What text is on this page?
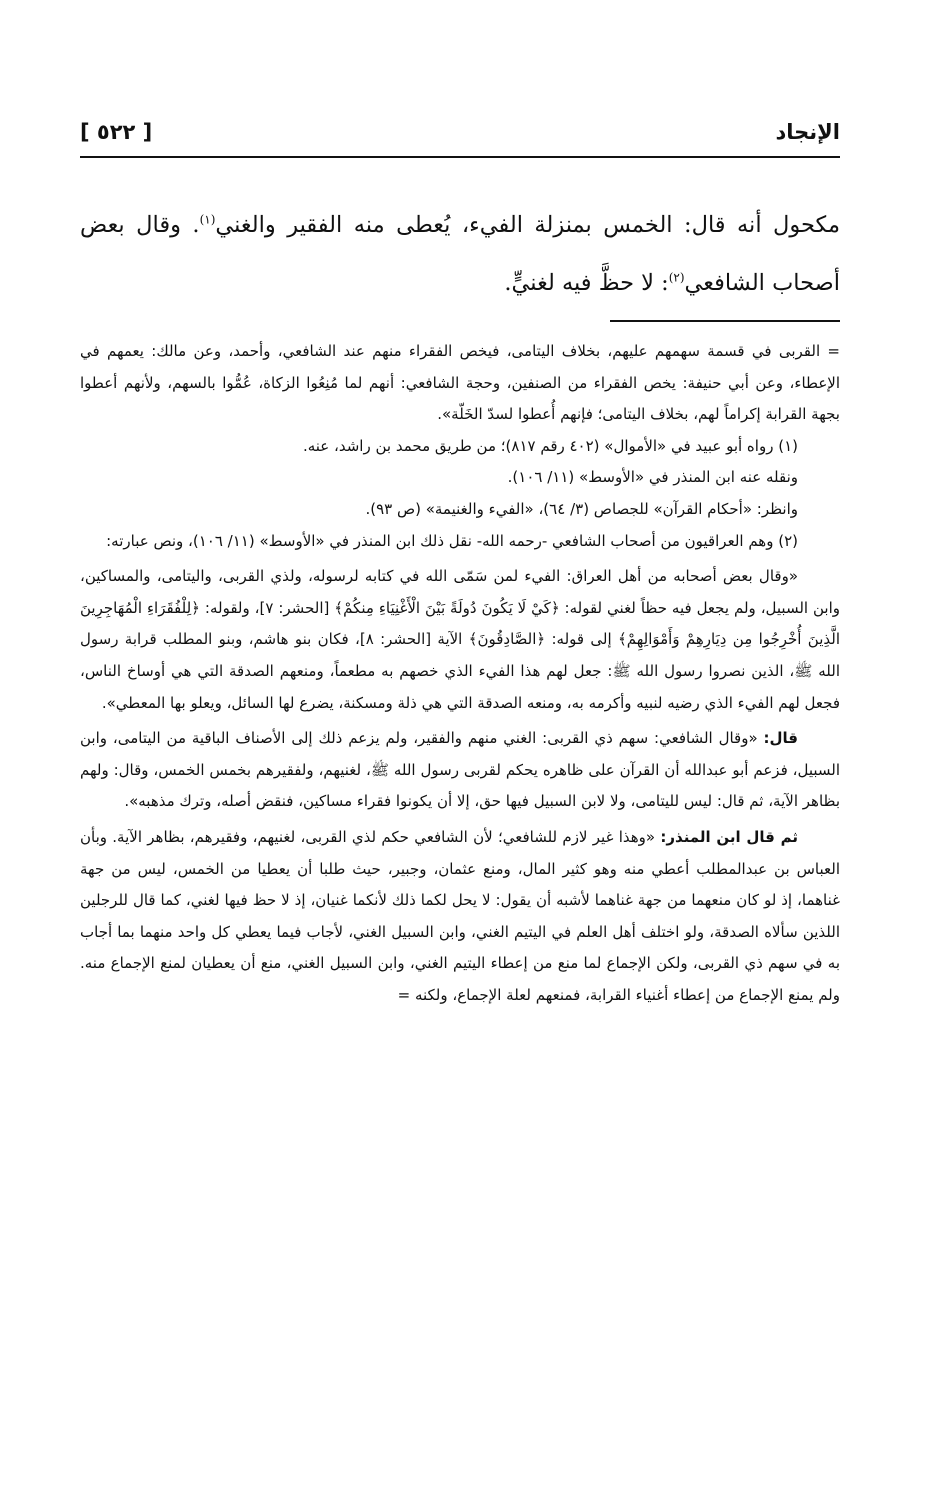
الإنجاد
[ ٥٢٢ ]

مكحول أنه قال: الخمس بمنزلة الفيء، يُعطى منه الفقير والغني$^{(١)}$. وقال بعض أصحاب الشافعي$^{(٢)}$: لا حظَّ فيه لغنيٍّ.

= القربى في قسمة سهمهم عليهم، بخلاف اليتامى، فيخص الفقراء منهم عند الشافعي، وأحمد، وعن مالك: يعمهم في الإعطاء، وعن أبي حنيفة: يخص الفقراء من الصنفين، وحجة الشافعي: أنهم لما مُنِعُوا الزكاة، عُمُّوا بالسهم، ولأنهم أعطوا بجهة القرابة إكراماً لهم، بخلاف اليتامى؛ فإنهم أُعطوا لسدّ الخَلّة».

(١) رواه أبو عبيد في «الأموال» (٤٠٢ رقم ٨١٧)؛ من طريق محمد بن راشد، عنه.

ونقله عنه ابن المنذر في «الأوسط» (١١/ ١٠٦).

وانظر: «أحكام القرآن» للجصاص (٣/ ٦٤)، «الفيء والغنيمة» (ص ٩٣).

(٢) وهم العراقيون من أصحاب الشافعي -رحمه الله- نقل ذلك ابن المنذر في «الأوسط» (١١/ ١٠٦)، ونص عبارته:

«وقال بعض أصحابه من أهل العراق: الفيء لمن سَمّى الله في كتابه لرسوله، ولذي القربى، واليتامى، والمساكين، وابن السبيل، ولم يجعل فيه حظاً لغني لقوله: ﴿كَيْ لَا يَكُونَ دُولَةً بَيْنَ الْأَغْنِيَاءِ مِنكُمْ﴾ [الحشر: ٧]، ولقوله: ﴿لِلْفُقَرَاءِ الْمُهَاجِرِينَ الَّذِينَ أُخْرِجُوا مِن دِيَارِهِمْ وَأَمْوَالِهِمْ﴾ إلى قوله: ﴿الصَّادِقُونَ﴾ الآية [الحشر: ٨]، فكان بنو هاشم، وبنو المطلب قرابة رسول الله ﷺ، الذين نصروا رسول الله ﷺ: جعل لهم هذا الفيء الذي خصهم به مطعماً، ومنعهم الصدقة التي هي أوساخ الناس، فجعل لهم الفيء الذي رضيه لنبيه وأكرمه به، ومنعه الصدقة التي هي ذلة ومسكنة، يضرع لها السائل، ويعلو بها المعطي».

قال: «وقال الشافعي: سهم ذي القربى: الغني منهم والفقير، ولم يزعم ذلك إلى الأصناف الباقية من اليتامى، وابن السبيل، فزعم أبو عبدالله أن القرآن على ظاهره يحكم لقربى رسول الله ﷺ، لغنيهم، ولفقيرهم بخمس الخمس، وقال: ولهم بظاهر الآية، ثم قال: ليس لليتامى، ولا لابن السبيل فيها حق، إلا أن يكونوا فقراء مساكين، فنقض أصله، وترك مذهبه».

ثم قال ابن المنذر: «وهذا غير لازم للشافعي؛ لأن الشافعي حكم لذي القربى، لغنيهم، وفقيرهم، بظاهر الآية. وبأن العباس بن عبدالمطلب أعطي منه وهو كثير المال، ومنع عثمان، وجبير، حيث طلبا أن يعطيا من الخمس، ليس من جهة غناهما، إذ لو كان منعهما من جهة غناهما لأشبه أن يقول: لا يحل لكما ذلك لأنكما غنيان، إذ لا حظ فيها لغني، كما قال للرجلين اللذين سألاه الصدقة، ولو اختلف أهل العلم في اليتيم الغني، وابن السبيل الغني، لأجاب فيما يعطي كل واحد منهما بما أجاب به في سهم ذي القربى، ولكن الإجماع لما منع من إعطاء اليتيم الغني، وابن السبيل الغني، منع أن يعطيان لمنع الإجماع منه. ولم يمنع الإجماع من إعطاء أغنياء القرابة، فمنعهم لعلة الإجماع، ولكنه =
